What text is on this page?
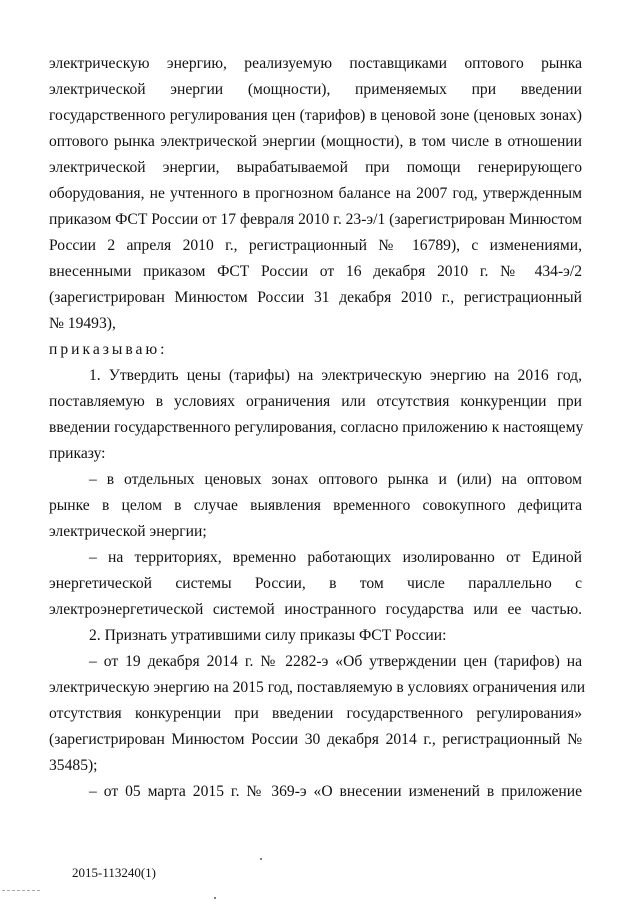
электрическую энергию, реализуемую поставщиками оптового рынка
электрической энергии (мощности), применяемых при введении
государственного регулирования цен (тарифов) в ценовой зоне (ценовых зонах)
оптового рынка электрической энергии (мощности), в том числе в отношении
электрической энергии, вырабатываемой при помощи генерирующего
оборудования, не учтенного в прогнозном балансе на 2007 год, утвержденным
приказом ФСТ России от 17 февраля 2010 г. 23-э/1 (зарегистрирован Минюстом
России 2 апреля 2010 г., регистрационный № 16789), с изменениями,
внесенными приказом ФСТ России от 16 декабря 2010 г. № 434-э/2
(зарегистрирован Минюстом России 31 декабря 2010 г., регистрационный
№ 19493),
приказываю:
1. Утвердить цены (тарифы) на электрическую энергию на 2016 год,
поставляемую в условиях ограничения или отсутствия конкуренции при
введении государственного регулирования, согласно приложению к настоящему
приказу:
– в отдельных ценовых зонах оптового рынка и (или) на оптовом
рынке в целом в случае выявления временного совокупного дефицита
электрической энергии;
– на территориях, временно работающих изолированно от Единой
энергетической системы России, в том числе параллельно с
электроэнергетической системой иностранного государства или ее частью.
2. Признать утратившими силу приказы ФСТ России:
– от 19 декабря 2014 г. № 2282-э «Об утверждении цен (тарифов) на
электрическую энергию на 2015 год, поставляемую в условиях ограничения или
отсутствия конкуренции при введении государственного регулирования»
(зарегистрирован Минюстом России 30 декабря 2014 г., регистрационный №
35485);
– от 05 марта 2015 г. № 369-э «О внесении изменений в приложение
2015-113240(1)
